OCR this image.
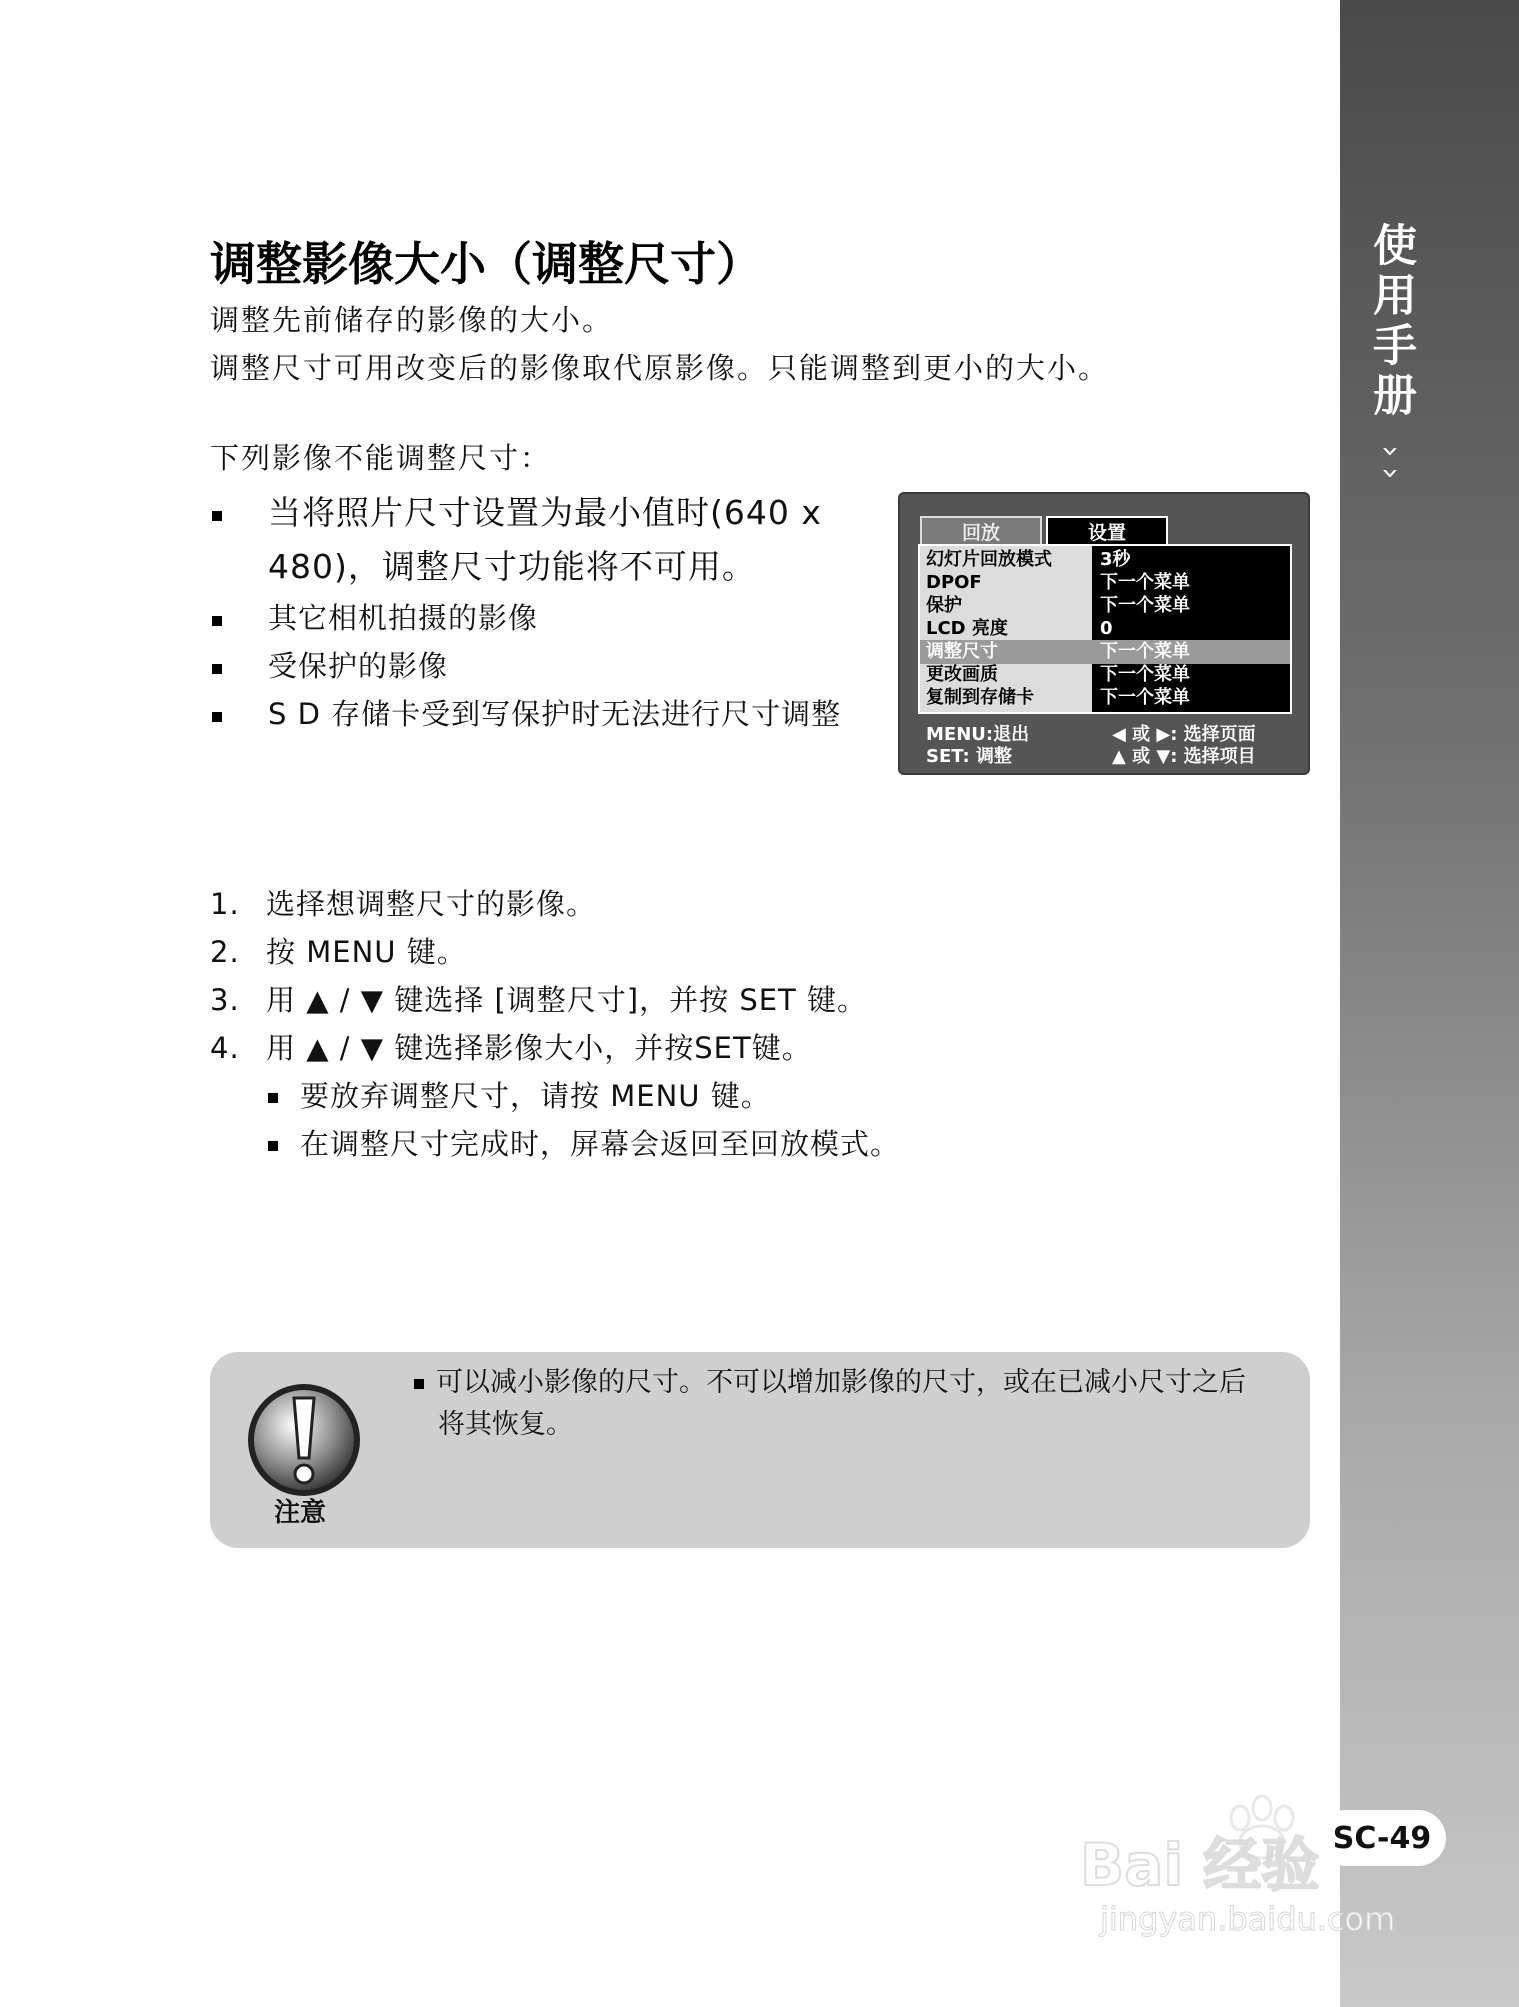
使用手册
›
›
调整影像大小（调整尺寸）
调整先前储存的影像的大小。
调整尺寸可用改变后的影像取代原影像。只能调整到更小的大小。
下列影像不能调整尺寸：
当将照片尺寸设置为最小值时(640 x 480)，调整尺寸功能将不可用。
其它相机拍摄的影像
受保护的影像
S D 存储卡受到写保护时无法进行尺寸调整
回放	设置
幻灯片回放模式	3秒
DPOF	下一个菜单
保护	下一个菜单
LCD 亮度	0
调整尺寸	下一个菜单
更改画质	下一个菜单
复制到存储卡	下一个菜单
MENU:退出
SET: 调整
◀ 或 ▶: 选择页面
▲ 或 ▼: 选择项目
1. 选择想调整尺寸的影像。
2. 按 MENU 键。
3. 用 ▲ / ▼ 键选择 [调整尺寸]，并按 SET 键。
4. 用 ▲ / ▼ 键选择影像大小，并按SET键。
要放弃调整尺寸，请按 MENU 键。
在调整尺寸完成时，屏幕会返回至回放模式。
注意
可以减小影像的尺寸。不可以增加影像的尺寸，或在已减小尺寸之后
将其恢复。
SC-49
Bai 经验
jingyan.baidu.com
